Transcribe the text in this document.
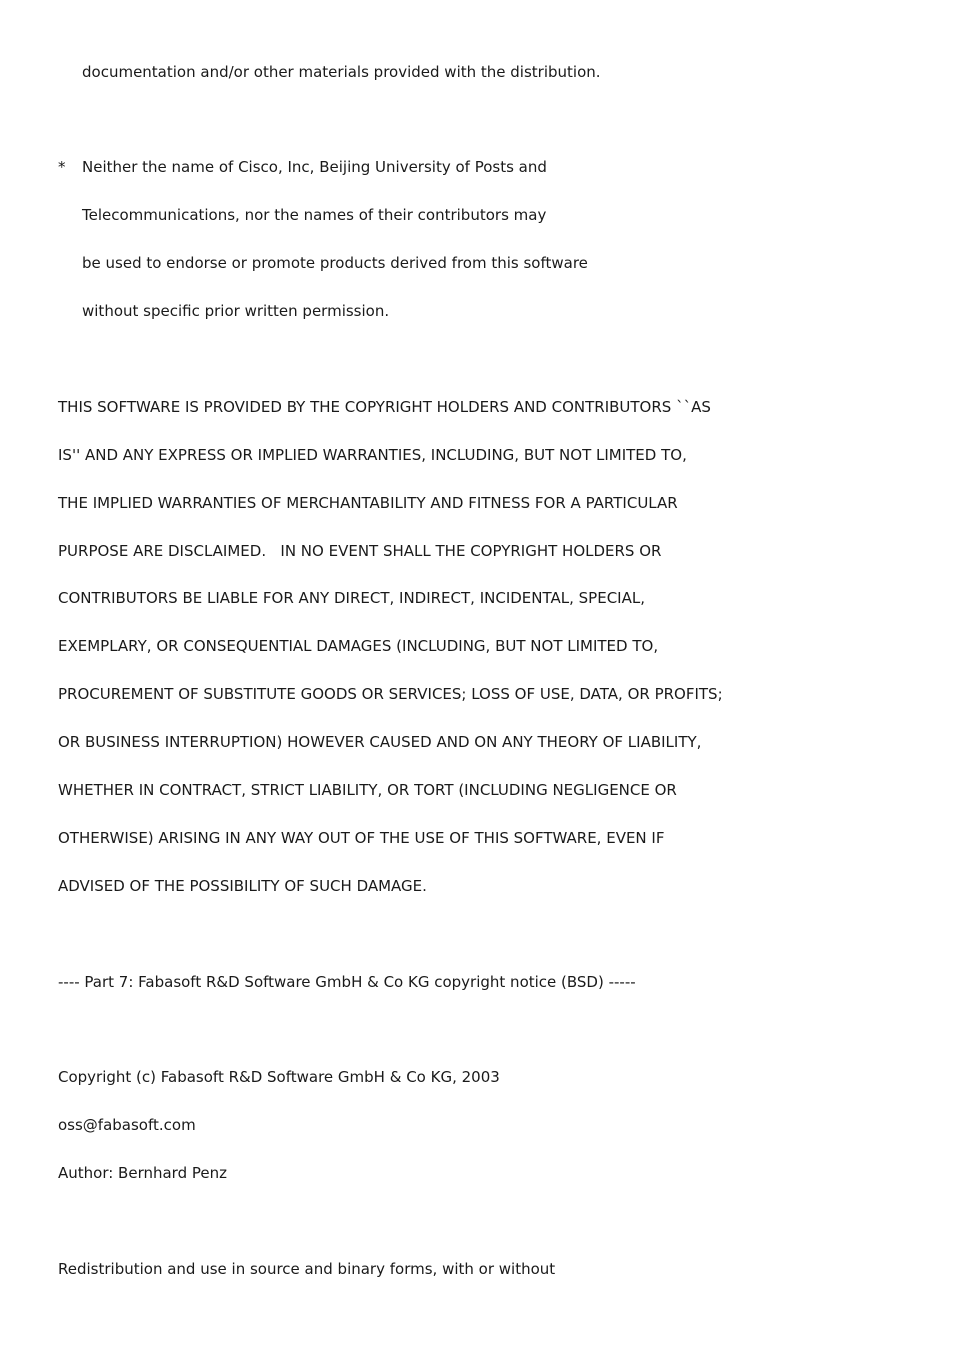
documentation and/or other materials provided with the distribution.
* Neither the name of Cisco, Inc, Beijing University of Posts and
Telecommunications, nor the names of their contributors may
be used to endorse or promote products derived from this software
without specific prior written permission.
THIS SOFTWARE IS PROVIDED BY THE COPYRIGHT HOLDERS AND CONTRIBUTORS ``AS
IS'' AND ANY EXPRESS OR IMPLIED WARRANTIES, INCLUDING, BUT NOT LIMITED TO,
THE IMPLIED WARRANTIES OF MERCHANTABILITY AND FITNESS FOR A PARTICULAR
PURPOSE ARE DISCLAIMED.   IN NO EVENT SHALL THE COPYRIGHT HOLDERS OR
CONTRIBUTORS BE LIABLE FOR ANY DIRECT, INDIRECT, INCIDENTAL, SPECIAL,
EXEMPLARY, OR CONSEQUENTIAL DAMAGES (INCLUDING, BUT NOT LIMITED TO,
PROCUREMENT OF SUBSTITUTE GOODS OR SERVICES; LOSS OF USE, DATA, OR PROFITS;
OR BUSINESS INTERRUPTION) HOWEVER CAUSED AND ON ANY THEORY OF LIABILITY,
WHETHER IN CONTRACT, STRICT LIABILITY, OR TORT (INCLUDING NEGLIGENCE OR
OTHERWISE) ARISING IN ANY WAY OUT OF THE USE OF THIS SOFTWARE, EVEN IF
ADVISED OF THE POSSIBILITY OF SUCH DAMAGE.
---- Part 7: Fabasoft R&D Software GmbH & Co KG copyright notice (BSD) -----
Copyright (c) Fabasoft R&D Software GmbH & Co KG, 2003
oss@fabasoft.com
Author: Bernhard Penz
Redistribution and use in source and binary forms, with or without
